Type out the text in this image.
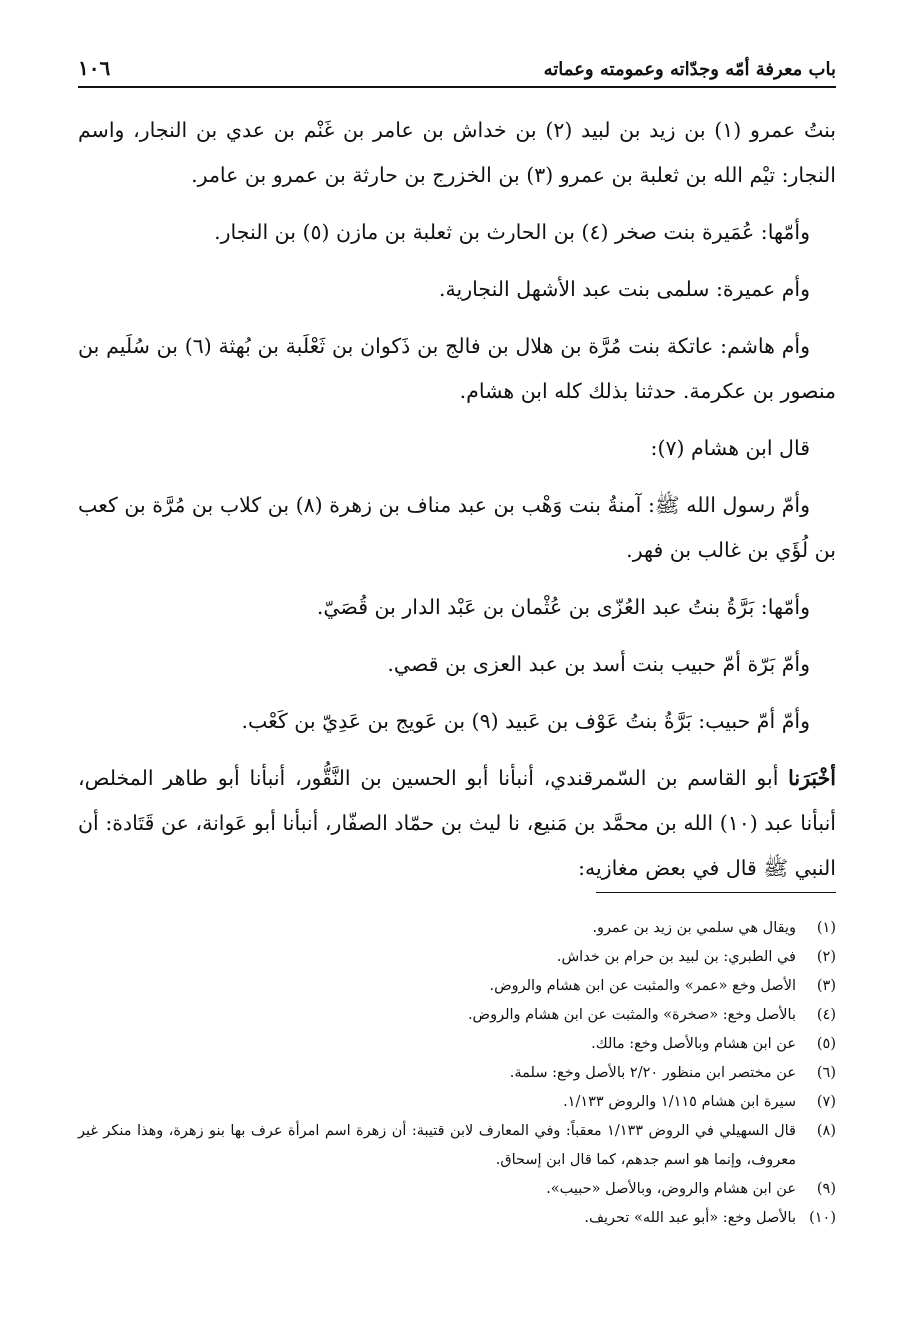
باب معرفة أمّه وجدّاته وعمومته وعماته
١٠٦

بنتُ عمرو (١) بن زيد بن لبيد (٢) بن خداش بن عامر بن غَنْم بن عدي بن النجار، واسم النجار: تيْم الله بن ثعلبة بن عمرو (٣) بن الخزرج بن حارثة بن عمرو بن عامر.

وأمّها: عُمَيرة بنت صخر (٤) بن الحارث بن ثعلبة بن مازن (٥) بن النجار.

وأم عميرة: سلمى بنت عبد الأشهل النجارية.

وأم هاشم: عاتكة بنت مُرَّة بن هلال بن فالج بن ذَكوان بن ثَعْلَبة بن بُهثة (٦) بن سُلَيم بن منصور بن عكرمة. حدثنا بذلك كله ابن هشام.

قال ابن هشام (٧):

وأمّ رسول الله ﷺ: آمنةُ بنت وَهْب بن عبد مناف بن زهرة (٨) بن كلاب بن مُرَّة بن كعب بن لُؤَي بن غالب بن فهر.

وأمّها: بَرَّةُ بنتُ عبد العُزّى بن عُثْمان بن عَبْد الدار بن قُصَيّ.

وأمّ بَرّة أمّ حبيب بنت أسد بن عبد العزى بن قصي.

وأمّ أمّ حبيب: بَرَّةُ بنتُ عَوْف بن عَبيد (٩) بن عَويج بن عَدِيّ بن كَعْب.

أخْبَرَنا أبو القاسم بن السّمرقندي، أنبأنا أبو الحسين بن النَّقُّور، أنبأنا أبو طاهر المخلص، أنبأنا عبد (١٠) الله بن محمَّد بن مَنيع، نا ليث بن حمّاد الصفّار، أنبأنا أبو عَوانة، عن قَتَادة: أن النبي ﷺ قال في بعض مغازيه:

(١)
ويقال هي سلمي بن زيد بن عمرو.
(٢)
في الطبري: بن لبيد بن حرام بن خداش.
(٣)
الأصل وخع «عمر» والمثبت عن ابن هشام والروض.
(٤)
بالأصل وخع: «صخرة» والمثبت عن ابن هشام والروض.
(٥)
عن ابن هشام وبالأصل وخع: مالك.
(٦)
عن مختصر ابن منظور ٢/٢٠ بالأصل وخع: سلمة.
(٧)
سيرة ابن هشام ١/١١٥ والروض ١/١٣٣.
(٨)
قال السهيلي في الروض ١/١٣٣ معقباً: وفي المعارف لابن قتيبة: أن زهرة اسم امرأة عرف بها بنو زهرة، وهذا منكر غير معروف، وإنما هو اسم جدهم، كما قال ابن إسحاق.
(٩)
عن ابن هشام والروض، وبالأصل «حبيب».
(١٠)
بالأصل وخع: «أبو عبد الله» تحريف.
